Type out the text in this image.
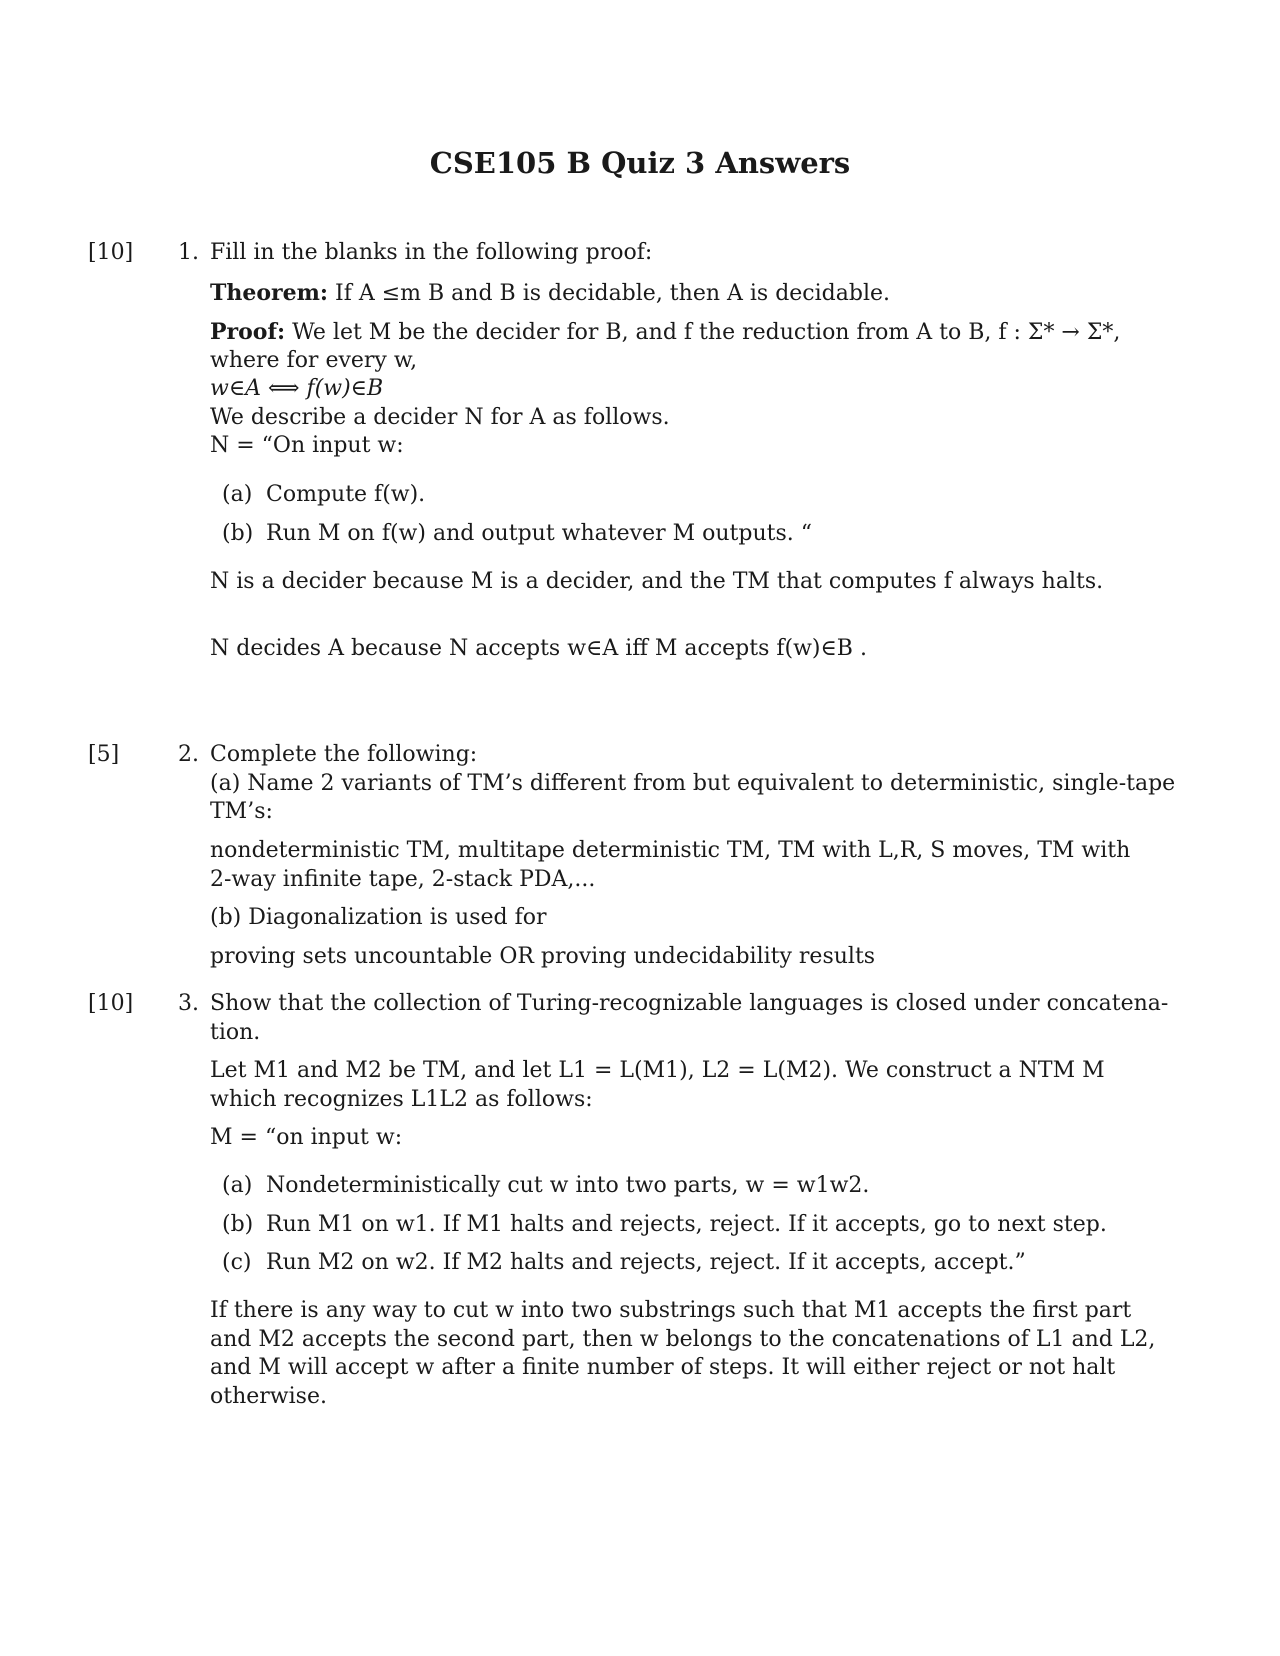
CSE105 B Quiz 3 Answers
[10] 1. Fill in the blanks in the following proof:
Theorem: If A ≤m B and B is decidable, then A is decidable.
Proof: We let M be the decider for B, and f the reduction from A to B, f : Σ* → Σ*,
where for every w,
w∈A ⟺ f(w)∈B
We describe a decider N for A as follows.
N = “On input w:
(a) Compute f(w).
(b) Run M on f(w) and output whatever M outputs. “
N is a decider because M is a decider, and the TM that computes f always halts.
N decides A because N accepts w∈A iff M accepts f(w)∈B .
[5]	2. Complete the following:
(a) Name 2 variants of TM’s different from but equivalent to deterministic, single-tape
TM’s:
nondeterministic TM, multitape deterministic TM, TM with L,R, S moves, TM with
2-way infinite tape, 2-stack PDA,...
(b) Diagonalization is used for
proving sets uncountable OR proving undecidability results
[10] 3. Show that the collection of Turing-recognizable languages is closed under concatena-
tion.
Let M1 and M2 be TM, and let L1 = L(M1), L2 = L(M2). We construct a NTM M
which recognizes L1L2 as follows:
M = “on input w:
(a) Nondeterministically cut w into two parts, w = w1w2.
(b) Run M1 on w1. If M1 halts and rejects, reject. If it accepts, go to next step.
(c) Run M2 on w2. If M2 halts and rejects, reject. If it accepts, accept.”
If there is any way to cut w into two substrings such that M1 accepts the first part
and M2 accepts the second part, then w belongs to the concatenations of L1 and L2,
and M will accept w after a finite number of steps. It will either reject or not halt
otherwise.
